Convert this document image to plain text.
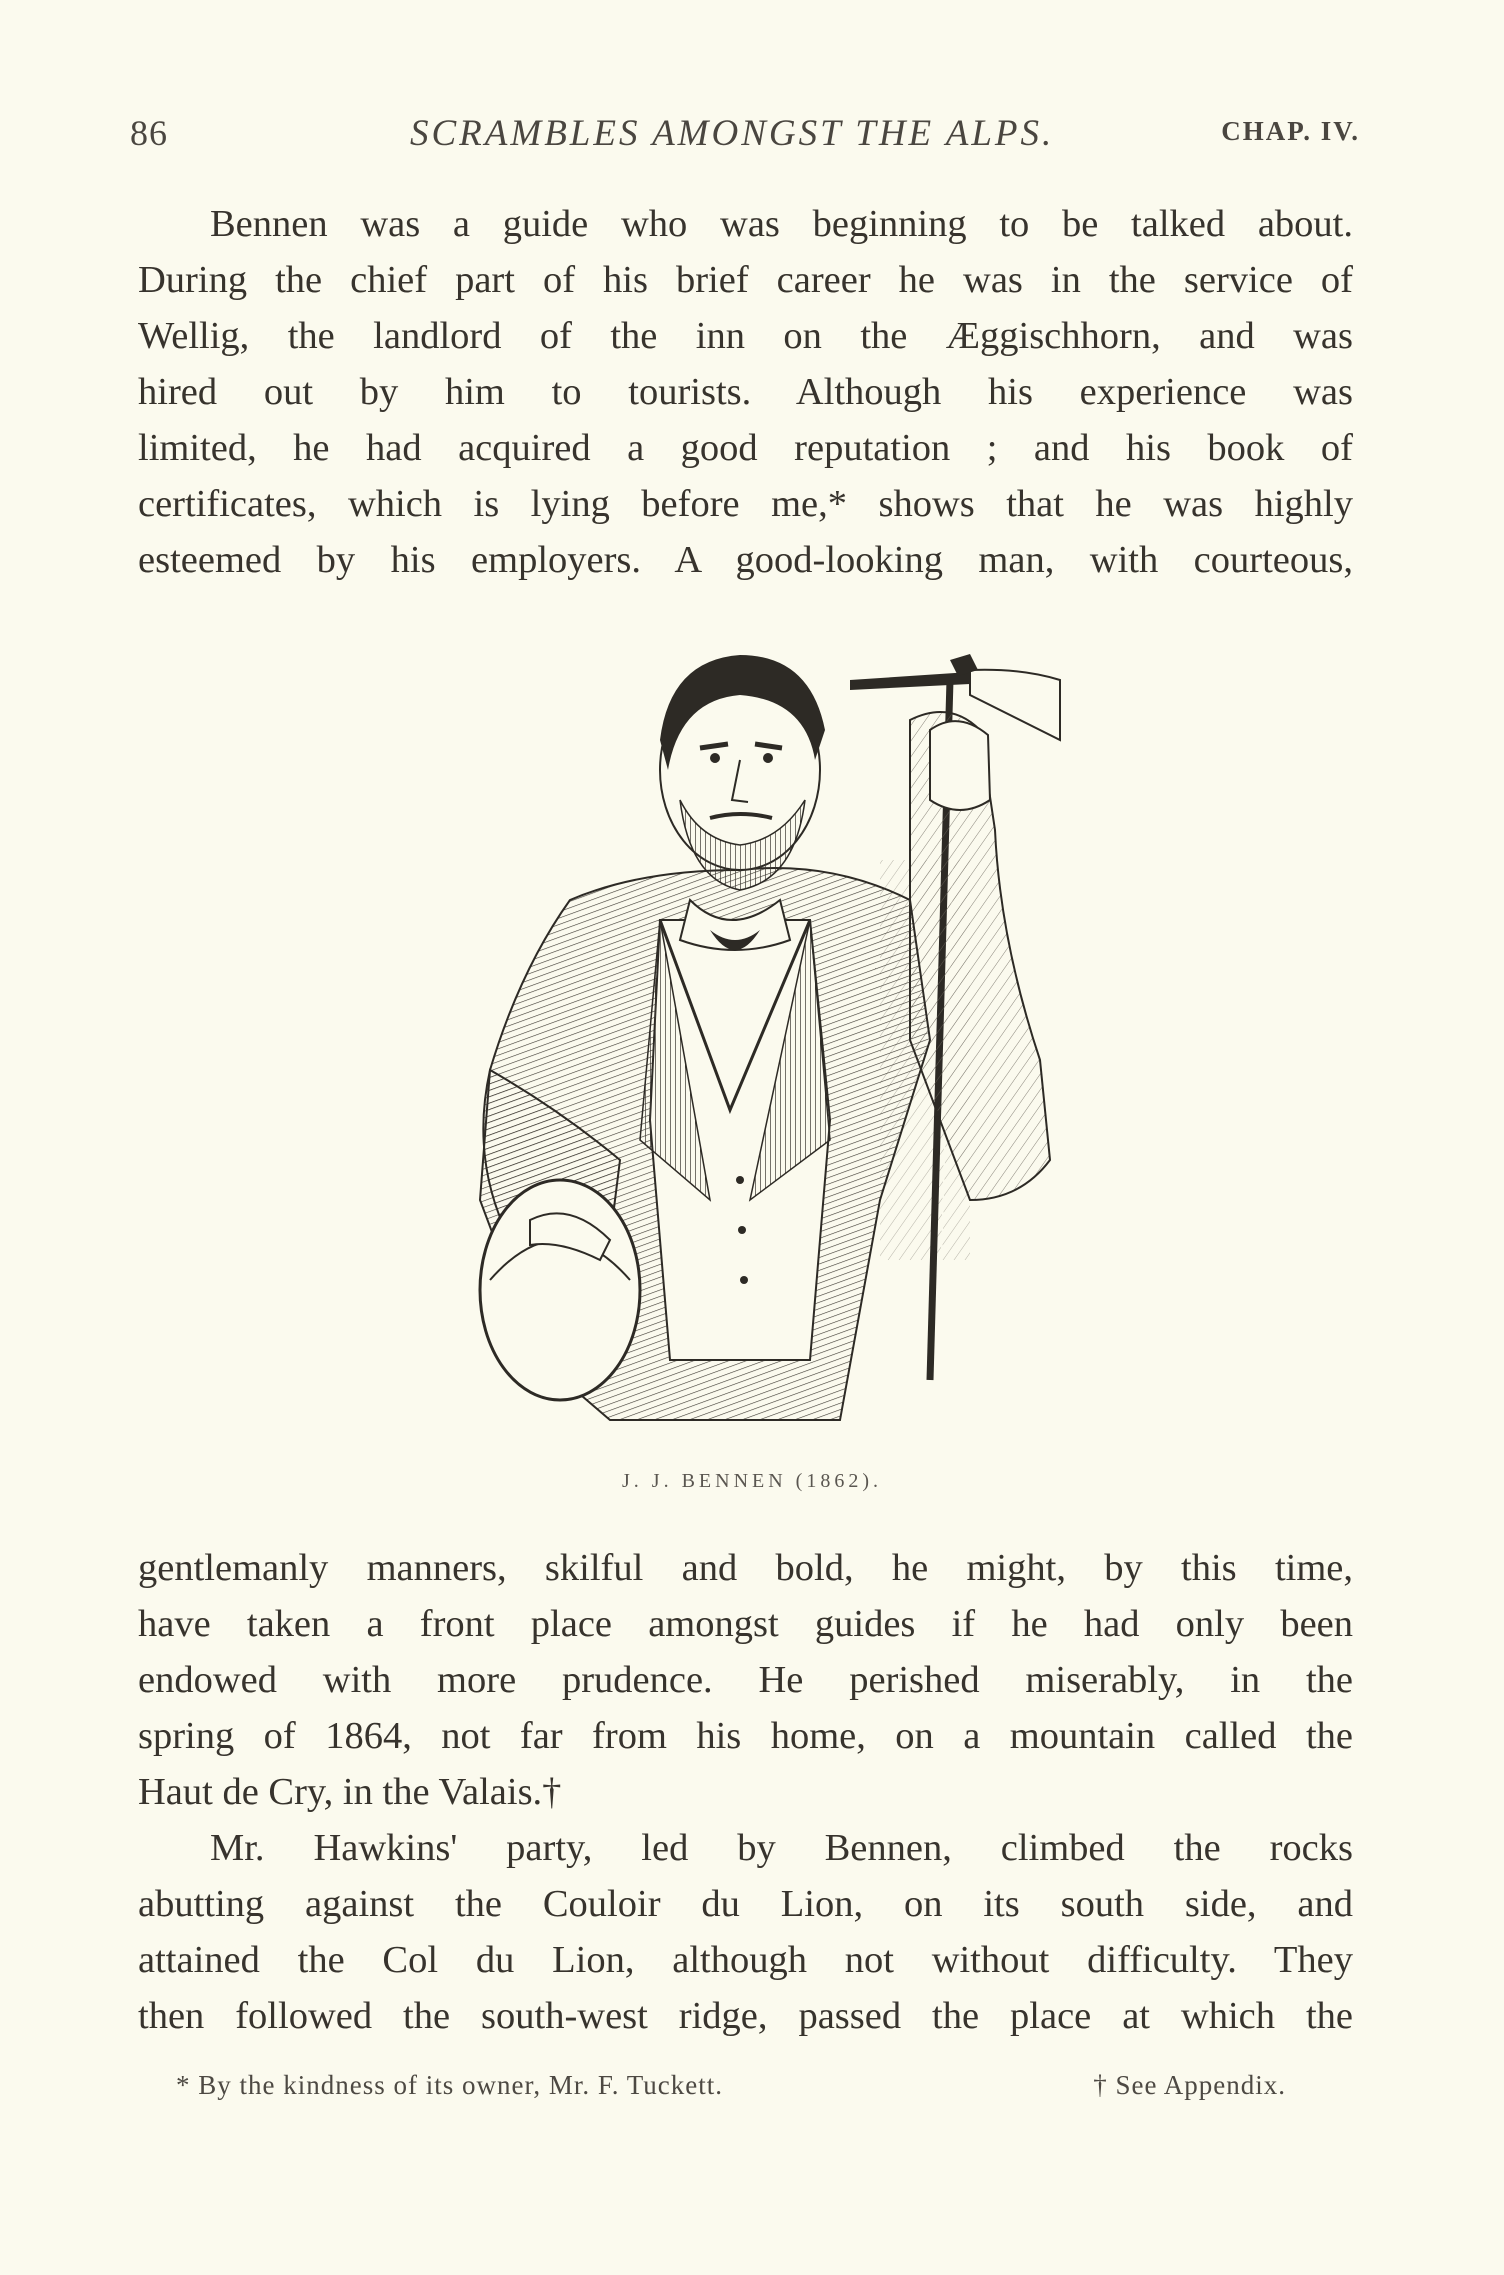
86	SCRAMBLES AMONGST THE ALPS.	CHAP. IV.
Bennen was a guide who was beginning to be talked about.
During the chief part of his brief career he was in the service of
Wellig, the landlord of the inn on the Æggischhorn, and was
hired out by him to tourists. Although his experience was
limited, he had acquired a good reputation ; and his book of
certificates, which is lying before me,* shows that he was highly
esteemed by his employers. A good-looking man, with courteous,
J. J. BENNEN (1862).
gentlemanly manners, skilful and bold, he might, by this time,
have taken a front place amongst guides if he had only been
endowed with more prudence. He perished miserably, in the
spring of 1864, not far from his home, on a mountain called the
Haut de Cry, in the Valais.†
Mr. Hawkins' party, led by Bennen, climbed the rocks
abutting against the Couloir du Lion, on its south side, and
attained the Col du Lion, although not without difficulty. They
then followed the south-west ridge, passed the place at which the
* By the kindness of its owner, Mr. F. Tuckett.	† See Appendix.
